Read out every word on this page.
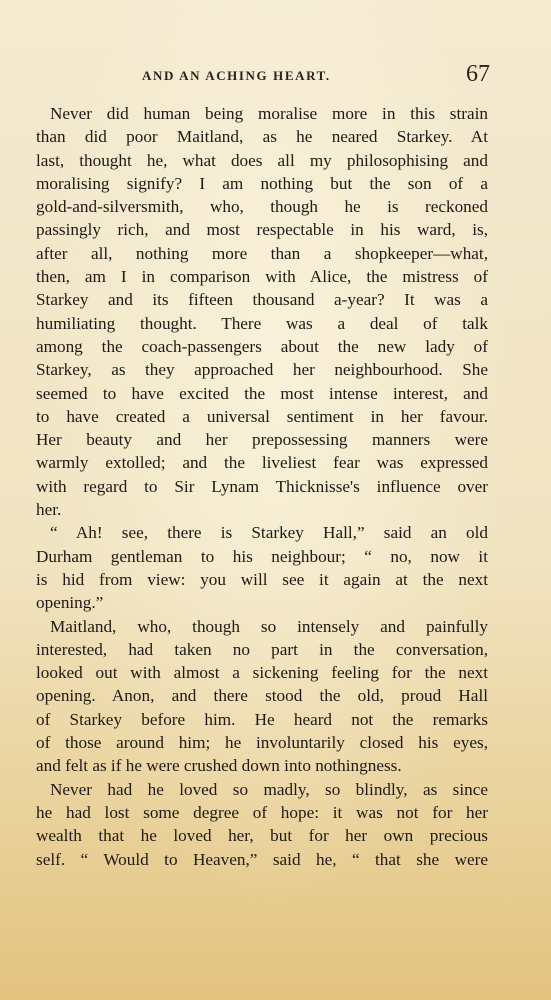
AND AN ACHING HEART.	67
Never did human being moralise more in this strain
than did poor Maitland, as he neared Starkey. At
last, thought he, what does all my philosophising and
moralising signify? I am nothing but the son of a
gold-and-silversmith, who, though he is reckoned
passingly rich, and most respectable in his ward, is,
after all, nothing more than a shopkeeper—what,
then, am I in comparison with Alice, the mistress of
Starkey and its fifteen thousand a-year? It was a
humiliating thought. There was a deal of talk
among the coach-passengers about the new lady of
Starkey, as they approached her neighbourhood. She
seemed to have excited the most intense interest, and
to have created a universal sentiment in her favour.
Her beauty and her prepossessing manners were
warmly extolled; and the liveliest fear was expressed
with regard to Sir Lynam Thicknisse's influence over
her.
“ Ah! see, there is Starkey Hall,” said an old
Durham gentleman to his neighbour; “ no, now it
is hid from view: you will see it again at the next
opening.”
Maitland, who, though so intensely and painfully
interested, had taken no part in the conversation,
looked out with almost a sickening feeling for the next
opening. Anon, and there stood the old, proud Hall
of Starkey before him. He heard not the remarks
of those around him; he involuntarily closed his eyes,
and felt as if he were crushed down into nothingness.
Never had he loved so madly, so blindly, as since
he had lost some degree of hope: it was not for her
wealth that he loved her, but for her own precious
self. “ Would to Heaven,” said he, “ that she were
